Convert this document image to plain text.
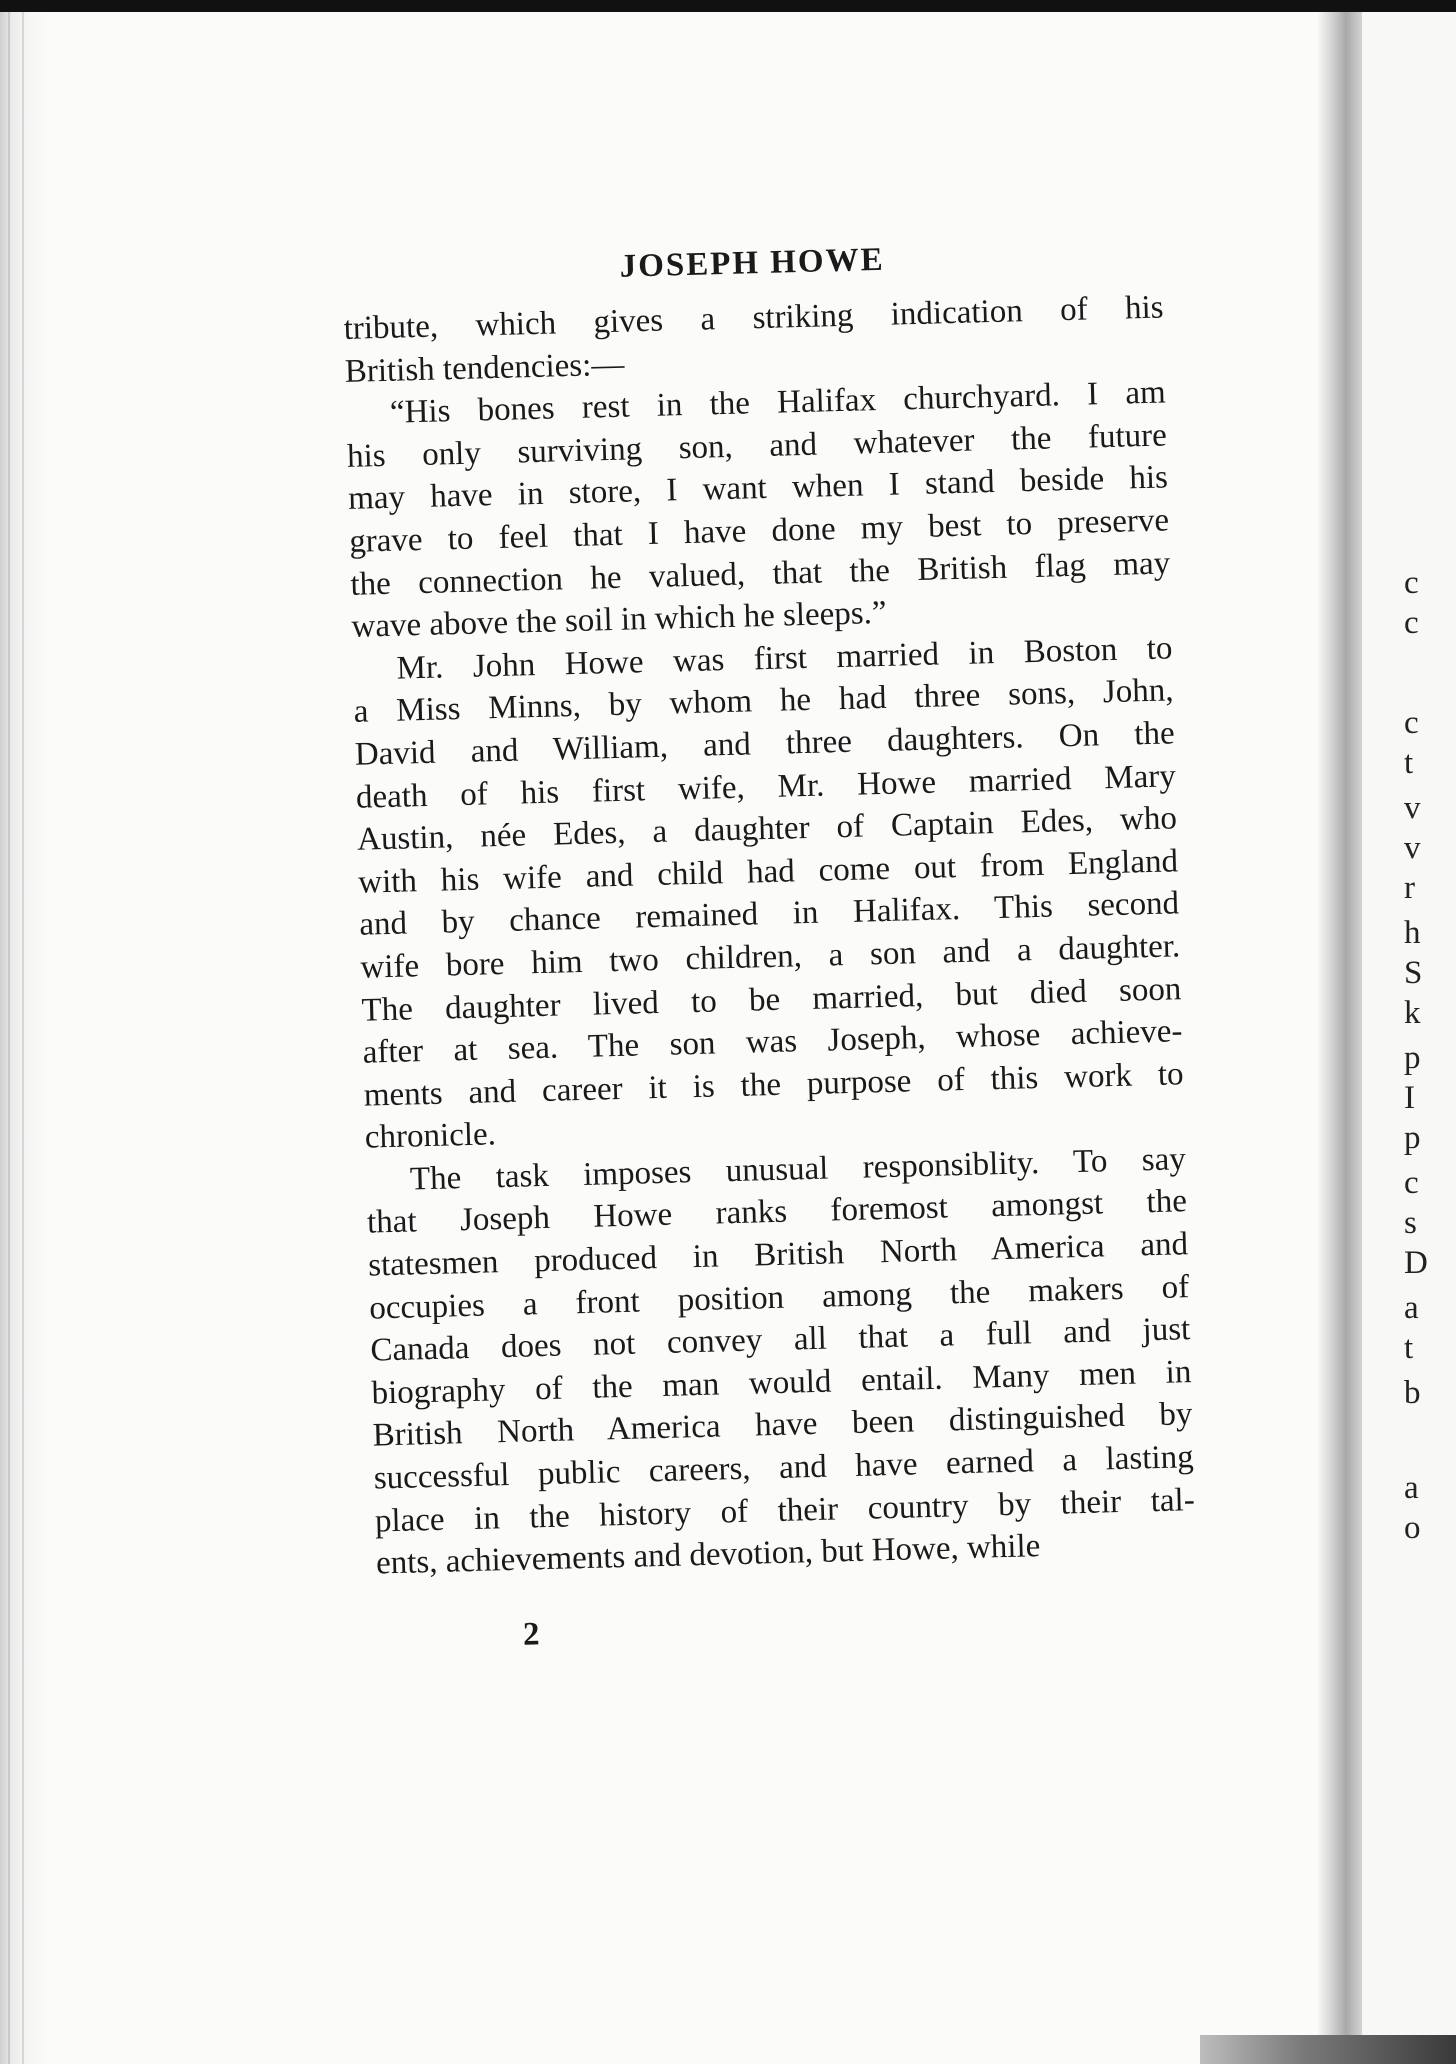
JOSEPH HOWE

tribute, which gives a striking indication of his

British tendencies:—

“His bones rest in the Halifax churchyard. I am

his only surviving son, and whatever the future

may have in store, I want when I stand beside his

grave to feel that I have done my best to preserve

the connection he valued, that the British flag may

wave above the soil in which he sleeps.”

Mr. John Howe was first married in Boston to

a Miss Minns, by whom he had three sons, John,

David and William, and three daughters. On the

death of his first wife, Mr. Howe married Mary

Austin, née Edes, a daughter of Captain Edes, who

with his wife and child had come out from England

and by chance remained in Halifax. This second

wife bore him two children, a son and a daughter.

The daughter lived to be married, but died soon

after at sea. The son was Joseph, whose achieve-

ments and career it is the purpose of this work to

chronicle.

The task imposes unusual responsiblity. To say

that Joseph Howe ranks foremost amongst the

statesmen produced in British North America and

occupies a front position among the makers of

Canada does not convey all that a full and just

biography of the man would entail. Many men in

British North America have been distinguished by

successful public careers, and have earned a lasting

place in the history of their country by their tal-

ents, achievements and devotion, but Howe, while

2
c
c
c
t
v
v
r
h
S
k
p
I
p
c
s
D
a
t
b
a
o
